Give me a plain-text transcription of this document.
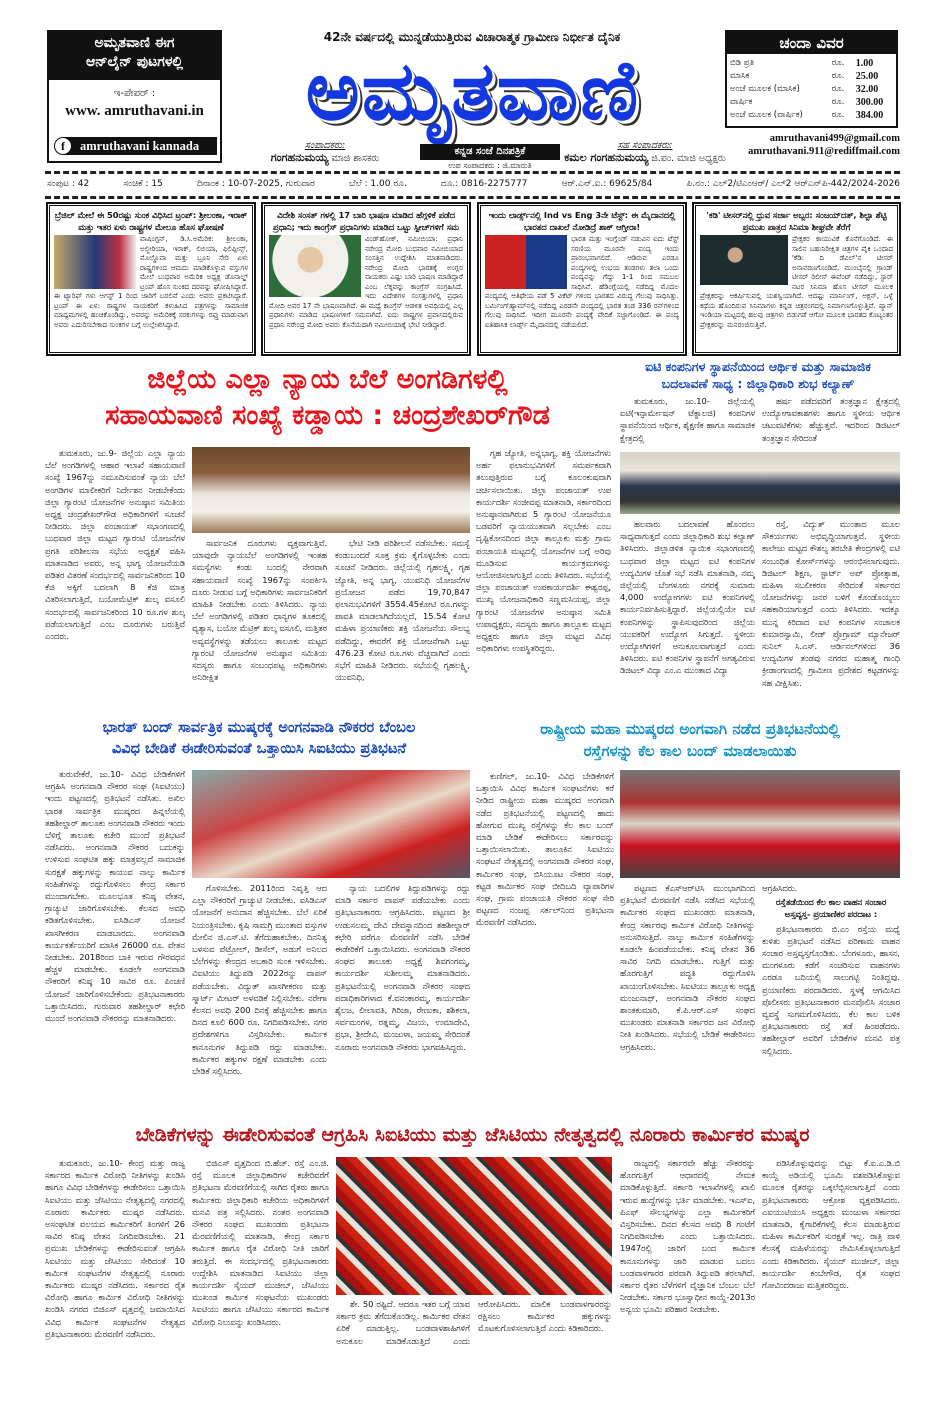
ಅಮೃತವಾಣಿ ಈಗ
ಆನ್‌ಲೈನ್ ಪುಟಗಳಲ್ಲಿ
ಇ-ಪೇಪರ್ :
www. amruthavani.in
f	amruthavani kannada
42ನೇ ವರ್ಷದಲ್ಲಿ ಮುನ್ನಡೆಯುತ್ತಿರುವ ವಿಚಾರಾತ್ಮಕ ಗ್ರಾಮೀಣ ನಿರ್ಭೀತ ದೈನಿಕ
ಅಮೃತವಾಣಿ
ಸಂಪಾದಕರು:
ಗಂಗಹನುಮಯ್ಯ ಮಾಜಿ ಶಾಸಕರು
ಕನ್ನಡ ಸಂಜೆ ದಿನಪತ್ರಿಕೆ
ಉಪ ಸಂಪಾದಕರು : ಜಿ.ಮಾರುತಿ
ಸಹ ಸಂಪಾದಕರು:
ಕಮಲ ಗಂಗಹನುಮಯ್ಯ ಜಿ.ಪಂ. ಮಾಜಿ ಅಧ್ಯಕ್ಷರು
ಚಂದಾ ವಿವರ
ಬಿಡಿ ಪ್ರತಿ	ರೂ.	1.00
ಮಾಸಿಕ	ರೂ.	25.00
ಅಂಚೆ ಮೂಲಕ (ಮಾಸಿಕ)	ರೂ.	32.00
ವಾರ್ಷಿಕ	ರೂ.	300.00
ಅಂಚೆ ಮೂಲಕ (ವಾರ್ಷಿಕ)	ರೂ.	384.00
amruthavani499@gmail.com
amruthavani.911@rediffmail.com
ಸಂಪುಟ : 42	ಸಂಚಿಕೆ : 15	ದಿನಾಂಕ : 10-07-2025, ಗುರುವಾರ	ಬೆಲೆ : 1.00 ರೂ.	ದೂ.: 0816-2275777	ಆರ್.ಎನ್.ಐ.: 69625/84	ಪಿ.ನಂ.: ಎಲ್2/ಟಿಎಂಆರ್/ ಎಲ್2 ಆರ್‌ಎನ್‌ಪಿ-442/2024-2026
ಬ್ರೆಜಿಲ್ ಮೇಲೆ ಈ 50ರಷ್ಟು ಸುಂಕ ವಿಧಿಸಿದ ಟ್ರಂಪ್: ಶ್ರೀಲಂಕಾ, ಇರಾಕ್ ಮತ್ತು ಇತರ ಏಳು ರಾಷ್ಟ್ರಗಳ ಮೇಲೂ ಹೊಸ ಘೋಷಣೆ
ವಾಷಿಂಗ್ಟನ್, ಡಿ.ಸಿ.ಅಮೆರಿಕ: ಶ್ರೀಲಂಕಾ, ಅಲ್ಜೀರಿಯಾ, ಇರಾಕ್, ಲಿಬಿಯಾ, ಫಿಲಿಪ್ಪೀನ್ಸ್, ಮೊಲ್ಡೊವಾ ಮತ್ತು ಬ್ರೂನಿ ಸೇರಿ ಏಳು ರಾಷ್ಟ್ರಗಳಿಂದ ಆಮದು ಮಾಡಿಕೊಳ್ಳುವ ವಸ್ತುಗಳ ಮೇಲೆ ಬುಧವಾರ ಅಮೆರಿಕ ಅಧ್ಯಕ್ಷ ಡೊನಾಲ್ಡ್ ಟ್ರಂಪ್ ಹೊಸ ಸುಂಕದ ದರವನ್ನು ಘೋಷಿಸಿದ್ದಾರೆ. ಈ ಟ್ಯಾರಿಫ್ ಗಳು ಆಗಸ್ಟ್ 1 ರಿಂದ ಜಾರಿಗೆ ಬರಲಿವೆ ಎಂದು ಅವರು ಪ್ರಕಟಿಸಿದ್ದಾರೆ. ಟ್ರಂಪ್ ಈ ಏಳು ರಾಷ್ಟ್ರಗಳ ನಾಯಕರಿಗೆ ಕಳುಹಿಸಿದ ಪತ್ರಗಳನ್ನು ಸಾಮಾಜಿಕ ಮಾಧ್ಯಮಗಳಲ್ಲಿ ಹಂಚಿಕೊಂಡಿದ್ದು, ಅವರನ್ನು ಅಮೆರಿಕಕ್ಕೆ ಸರಕುಗಳನ್ನು ರಫ್ತು ಮಾಡುವಾಗ ಅವರು ಎದುರಿಸಬೇಕಾದ ಸುಂಕಗಳ ಬಗ್ಗೆ ಉಲ್ಲೇಖಿಸಿದ್ದಾರೆ.
ವಿದೇಶಿ ಸಂಸತ್ ಗಳಲ್ಲಿ 17 ಬಾರಿ ಭಾಷಣ ಮಾಡಿದ ಹೆಗ್ಗಳಿಕೆ ಪಡೆದ ಪ್ರಧಾನಿ; ಇದು ಕಾಂಗ್ರೆಸ್ ಪ್ರಧಾನಿಗಳು ಮಾಡಿದ ಒಟ್ಟು ಸ್ಪೀಚ್‌ಗಳಿಗೆ ಸಮ
ವಿಂಡ್‌ಹೋಕ್, ನಮೀಬಿಯಾ: ಪ್ರಧಾನಿ ನರೇಂದ್ರ ಮೋದಿ ಬುಧವಾರ ನಮೀಬಿಯಾದ ಸಂಸತ್ತಿನ ಉದ್ದೇಶಿಸಿ ಮಾತನಾಡಿದರು. ನರೇಂದ್ರ ಮೋದಿ ಭಾರತಕ್ಕೆ ಅಂಗ್ಲರ ನಾಯಕರು ಎಷ್ಟು ಬಾರಿ ಭಾಷಣ ಮಾಡಿದ್ದಾರೆ ಎಂಬ ಲೆಕ್ಕವನ್ನು ಕಾಂಗ್ರೆಸ್ ಸಂಗ್ರಹಿಸಿದೆ. ಇದು ವಿದೇಶಗಳ ಸಂಸತ್ತುಗಳಲ್ಲಿ ಪ್ರಧಾನಿ ಮೋದಿ ಅವರ 17 ನೇ ಭಾಷಣವಾಗಿದೆ. ಈ ಮಧ್ಯೆ ಕಾಂಗ್ರೆಸ್ ಆಡಳಿತ ಅವಧಿಯಲ್ಲಿ ಎಲ್ಲ ಪ್ರಧಾನಿಗಳು ಮಾಡಿದ ಭಾಷಣಗಳಿಗೆ ಸಮನಾಗಿದೆ. ಐದು ರಾಷ್ಟ್ರಗಳ ಪ್ರವಾಸದಲ್ಲಿರುವ ಪ್ರಧಾನಿ ನರೇಂದ್ರ ಮೋದಿ ಅವರು ಕೊನೆಯದಾಗಿ ನಮೀಬಿಯಾಕ್ಕೆ ಭೇಟಿ ನೀಡಿದ್ದಾರೆ.
ಇಂದು ಲಾರ್ಡ್ಸ್‌ನಲ್ಲಿ Ind vs Eng 3ನೇ ಟೆಸ್ಟ್: ಈ ಮೈದಾನದಲ್ಲಿ ಭಾರತದ ದಾಖಲೆ ನೋಡಿದ್ರೆ ಶಾಕ್ ಆಗ್ತೀರಾ!
ಭಾರತ ಮತ್ತು ಇಂಗ್ಲೆಂಡ್ ನಡುವಿನ ಐದು ಟೆಸ್ಟ್ ಸರಣಿಯ ಮೂರನೇ ಪಂದ್ಯ ಇಂದು ಪ್ರಾರಂಭವಾಗಲಿದೆ. ಆಡಿರುವ ಎರಡೂ ಪಂದ್ಯಗಳಲ್ಲಿ ಉಭಯ ತಂಡಗಳು ತಲಾ ಒಂದು ಪಂದ್ಯವನ್ನು ಗೆದ್ದು 1-1 ರಿಂದ ಸಮಬಲ ಸಾಧಿಸಿವೆ. ಹೆಡಿಂಗ್ಲೆಯಲ್ಲಿ ನಡೆದಿದ್ದ ಮೊದಲ ಪಂದ್ಯದಲ್ಲಿ ಆತಿಥೇಯ ಪಡೆ 5 ವಿಕೆಟ್ ಗಳಿಂದ ಭಾರತದ ವಿರುದ್ಧ ಗೆಲುವು ಸಾಧಿಸಿತ್ತು. ಬರ್ಮಿಂಗ್‌ಹ್ಯಾಮ್‌ನಲ್ಲಿ ನಡೆದಿದ್ದ ಎರಡನೇ ಪಂದ್ಯದಲ್ಲಿ ಭಾರತ ತಂಡ 336 ರನ್‌ಗಳಿಂದ ಗೆಲುವು ಸಾಧಿಸಿದೆ. ಇದೀಗ ಮೂರನೇ ಪಂದ್ಯಕ್ಕೆ ವೇದಿಕೆ ಸಜ್ಜಾಗೊಂಡಿದೆ. ಈ ಪಂದ್ಯ ಐತಿಹಾಸಿಕ ಲಾರ್ಡ್ಸ್ ಮೈದಾನದಲ್ಲಿ ನಡೆಯಲಿದೆ.
'ಕಡಿ' ಟೀಸರ್‌ನಲ್ಲಿ ಧ್ರುವ ಸರ್ಜಾ ಅಬ್ಬರ: ಸಂಜಯ್‌ದತ್, ಶಿಲ್ಪಾ ಶೆಟ್ಟಿ ಪ್ರಮುಖ ಪಾತ್ರದ ಸಿನಿಮಾ ಶೀಘ್ರವೇ ತೆರೆಗೆ
ಪ್ರೇಕ್ಷಕರ ಕಾಯುವಿಕೆ ಕೊನೆಗೊಂಡಿದೆ. ಈ ಸಾಲಿನ ಬಹುನಿರೀಕ್ಷಿತ ಚಿತ್ರಗಳ ಪೈಕಿ ಒಂದಾದ 'ಕೆಡಿ: ದಿ ಡೆವಿಲ್'ನ ಟೀಸರ್ ಅನಾವರಣಗೊಂಡಿದೆ. ಮುಂಬೈನಲ್ಲಿ ಗ್ರಾಂಡ್ ಟೀಸರ್ ರಿಲೀಸ್ ಈವೆಂಟ್ ನಡೆದಿದ್ದು, ಸ್ಟಾರ್ ನಟರ ಸಿನಿಮಾ ಹೊಸ ಟೀಸರ್ ಮೂಲಕ ಪ್ರೇಕ್ಷಕರನ್ನು ಆಕರ್ಷಿಸುವಲ್ಲಿ ಯಶಸ್ವಿಯಾಗಿದೆ. ಆದಷ್ಟು ಮಾರ್ನಿಂಗ್, ಆಕ್ಷನ್, ಒಳ್ಳೆ ಕಥೆಯ ಹೊಂದಿರುವ ಸಿನಿಮಾಗಳು ಕನ್ನಡ ಚಿತ್ರರಂಗದಲ್ಲಿ ನಿರ್ಮಾಣಗೊಳ್ಳುತ್ತಿವೆ. ಪ್ಯಾನ್ ಇಂಡಿಯಾ ಮಟ್ಟದಲ್ಲಿ ಹಲವು ಚಿತ್ರಗಳು ಬಿಡುಗಡೆ ಆಗೋ ಮೂಲಕ ಭಾರತದ ಕೊಟ್ಯಂತರ ಪ್ರೇಕ್ಷಕರನ್ನು ಮನರಂಜಿಸುತ್ತಿವೆ.
ಜಿಲ್ಲೆಯ ಎಲ್ಲಾ ನ್ಯಾಯ ಬೆಲೆ ಅಂಗಡಿಗಳಲ್ಲಿ
ಸಹಾಯವಾಣಿ ಸಂಖ್ಯೆ ಕಡ್ಡಾಯ : ಚಂದ್ರಶೇಖರ್‌ಗೌಡ

ತುಮಕೂರು, ಜು.9- ಜಿಲ್ಲೆಯ ಎಲ್ಲಾ ನ್ಯಾಯ ಬೆಲೆ ಅಂಗಡಿಗಳಲ್ಲಿ ಆಹಾರ ಇಲಾಖೆ ಸಹಾಯವಾಣಿ ಸಂಖ್ಯೆ 1967ನ್ನು ನಮೂದಿಸುವಂತೆ ನ್ಯಾಯ ಬೆಲೆ ಅಂಗಡಿಗಳ ಮಾಲೀಕರಿಗೆ ನಿರ್ದೇಶನ ನೀಡಬೇಕೆಂದು ಜಿಲ್ಲಾ ಗ್ಯಾರಂಟಿ ಯೋಜನೆಗಳ ಅನುಷ್ಠಾನ ಸಮಿತಿಯ ಅಧ್ಯಕ್ಷ ಚಂದ್ರಶೇಖರ್‌ಗೌಡ ಅಧಿಕಾರಿಗಳಿಗೆ ಸೂಚನೆ ನೀಡಿದರು. ಜಿಲ್ಲಾ ಪಂಚಾಯತ್ ಸಭಾಂಗಣದಲ್ಲಿ ಬುಧವಾರ ಜಿಲ್ಲಾ ಮಟ್ಟದ ಗ್ಯಾರಂಟಿ ಯೋಜನೆಗಳ ಪ್ರಗತಿ ಪರಿಶೀಲನಾ ಸಭೆಯ ಅಧ್ಯಕ್ಷತೆ ವಹಿಸಿ ಮಾತನಾಡಿದ ಅವರು, ಅನ್ನ ಭಾಗ್ಯ ಯೋಜನೆಯಡಿ ಪಡಿತರ ವಿತರಣೆ ಸಂದರ್ಭದಲ್ಲಿ ಸಾರ್ವಜನಿಕರಿಂದ 10 ಕೆಜಿ ಅಕ್ಕಿಗೆ ಬದಲಾಗಿ 8 ಕೆಜಿ ಮಾತ್ರ ವಿತರಿಸಲಾಗುತ್ತಿದೆ, ಬಯೋಮೆಟ್ರಿಕ್ ಶುಲ್ಕ ವಸೂಲಿ ಸಂದರ್ಭದಲ್ಲಿ ಸಾರ್ವಜನಿಕರಿಂದ 10 ರೂ.ಗಳ ಶುಲ್ಕ ಪಡೆಯಲಾಗುತ್ತಿದೆ ಎಂಬ ದೂರುಗಳು ಬರುತ್ತಿವೆ ಎಂದರು.

ಸಾರ್ವಜನಿಕ ದೂರುಗಳು ವ್ಯಕ್ತವಾಗುತ್ತಿವೆ. ಯಾವುದೇ ನ್ಯಾಯಬೆಲೆ ಅಂಗಡಿಗಳಲ್ಲಿ ಇಂತಹ ಸಮಸ್ಯೆಗಳು ಕಂಡು ಬಂದಲ್ಲಿ ನೇರವಾಗಿ ಸಹಾಯವಾಣಿ ಸಂಖ್ಯೆ 1967ನ್ನು ಸಂಪರ್ಕಿಸಿ ದೂರು ನೀಡುವ ಬಗ್ಗೆ ಅಧಿಕಾರಿಗಳು ಸಾರ್ವಜನಿಕರಿಗೆ ಮಾಹಿತಿ ನೀಡಬೇಕು ಎಂದು ತಿಳಿಸಿದರು. ನ್ಯಾಯ ಬೆಲೆ ಅಂಗಡಿಗಳಲ್ಲಿ ಪಡಿತರ ಧಾನ್ಯಗಳ ತೂಕದಲ್ಲಿ ವ್ಯತ್ಯಾಸ, ಬಯೋ ಮೆಟ್ರಿಕ್ ಶುಲ್ಕ ವಸೂಲಿ, ಮತ್ತಿತರ ಅವ್ಯವಸ್ಥೆಗಳನ್ನು ತಡೆಯಲು ತಾಲೂಕು ಮಟ್ಟದ ಗ್ಯಾರಂಟಿ ಯೋಜನೆಗಳ ಅನುಷ್ಠಾನ ಸಮಿತಿಯ ಸದಸ್ಯರು ಹಾಗೂ ಸಂಬಂಧಪಟ್ಟ ಅಧಿಕಾರಿಗಳು ಅನಿರೀಕ್ಷಿತ

ಭೇಟಿ ನೀಡಿ ಪರಿಶೀಲನೆ ನಡೆಸಬೇಕು. ಸಮಸ್ಯೆ ಕಂಡುಬಂದರೆ ಸೂಕ್ತ ಕ್ರಮ ಕೈಗೊಳ್ಳಬೇಕು ಎಂದು ಸೂಚನೆ ನೀಡಿದರು. ಜಿಲ್ಲೆಯಲ್ಲಿ ಗೃಹಲಕ್ಷ್ಮಿ, ಗೃಹ ಜ್ಯೋತಿ, ಅನ್ನ ಭಾಗ್ಯ, ಯುವನಿಧಿ ಯೋಜನೆಗಳ ಪ್ರಯೋಜನ ಪಡೆದ 19,70,847 ಫಲಾನುಭವಿಗಳಿಗೆ 3554.45ಕೋಟಿ ರೂ.ಗಳನ್ನು ಪಾವತಿ ಮಾಡಲಾಗಿದೆಯಲ್ಲದೆ, 15.54 ಕೋಟಿ ಮಹಿಳಾ ಪ್ರಯಾಣಿಕರು ಶಕ್ತಿ ಯೋಜನೆಯ ಸೌಲಭ್ಯ ಪಡೆದಿದ್ದು, ಈವರೆಗೆ ಶಕ್ತಿ ಯೋಜನೆಗಾಗಿ ಒಟ್ಟು 476.23 ಕೋಟಿ ರೂ.ಗಳು ವೆಚ್ಚವಾಗಿದೆ ಎಂದು ಸಭೆಗೆ ಮಾಹಿತಿ ನೀಡಿದರು. ಸಭೆಯಲ್ಲಿ ಗೃಹಲಕ್ಷ್ಮಿ, ಯುವನಿಧಿ,

ಗೃಹ ಜ್ಯೋತಿ, ಅನ್ನಭಾಗ್ಯ, ಶಕ್ತಿ ಯೋಜನೆಗಳು ಅರ್ಹ ಫಲಾನುಭವಿಗಳಿಗೆ ಸಮರ್ಪಕವಾಗಿ ತಲುಪುತ್ತಿರುವ ಬಗ್ಗೆ ಕೂಲಂಕುಷವಾಗಿ ಚರ್ಚಿಸಲಾಯಿತು. ಜಿಲ್ಲಾ ಪಂಚಾಯತ್ ಉಪ ಕಾರ್ಯದರ್ಶಿ ಸಂಜೀವಪ್ಪ ಮಾತನಾಡಿ, ಸರ್ಕಾರದಿಂದ ಅನುಷ್ಠಾನವಾಗಿರುವ 5 ಗ್ಯಾರಂಟಿ ಯೋಜನೆಯೂ ಬಡವರಿಗೆ ನ್ಯಾಯಯುತವಾಗಿ ಸಲ್ಲಬೇಕು ಎಂಬ ದೃಷ್ಟಿಕೋನದಿಂದ ಜಿಲ್ಲಾ ತಾಲ್ಲೂಕು ಮತ್ತು ಗ್ರಾಮ ಪಂಚಾಯತಿ ಮಟ್ಟದಲ್ಲಿ ಯೋಜನೆಗಳ ಬಗ್ಗೆ ಅರಿವು ಮೂಡಿಸುವ ಕಾರ್ಯಕ್ರಮಗಳನ್ನು ಆಯೋಜಿಸಲಾಗುತ್ತಿದೆ ಎಂದು ತಿಳಿಸಿದರು. ಸಭೆಯಲ್ಲಿ ಜಿಲ್ಲಾ ಪಂಚಾಯತ್ ಉಪಕಾರ್ಯದರ್ಶಿ ಈಶ್ವರಪ್ಪ, ಮುಖ್ಯ ಯೋಜನಾಧಿಕಾರಿ ಸಣ್ಣಮಸಿಯಪ್ಪ, ಜಿಲ್ಲಾ ಗ್ಯಾರಂಟಿ ಯೋಜನೆಗಳ ಅನುಷ್ಠಾನ ಸಮಿತಿ ಉಪಾಧ್ಯಕ್ಷರು, ಸದಸ್ಯರು ಹಾಗೂ ತಾಲ್ಲೂಕು ಮಟ್ಟದ ಅಧ್ಯಕ್ಷರು ಹಾಗೂ ಜಿಲ್ಲಾ ಮಟ್ಟದ ವಿವಿಧ ಅಧಿಕಾರಿಗಳು ಉಪಸ್ಥಿತರಿದ್ದರು.

ಐಟಿ ಕಂಪನಿಗಳ ಸ್ಥಾಪನೆಯಿಂದ ಆರ್ಥಿಕ ಮತ್ತು ಸಾಮಾಜಿಕ
ಬದಲಾವಣೆ ಸಾಧ್ಯ : ಜಿಲ್ಲಾಧಿಕಾರಿ ಶುಭ ಕಲ್ಯಾಣ್

ತುಮಕೂರು, ಜು.10- ಜಿಲ್ಲೆಯಲ್ಲಿ ಐಟಿ(ಇನ್ಫಾರ್ಮೇಷನ್ ಟೆಕ್ನಾಲಜಿ) ಕಂಪನಿಗಳ ಸ್ಥಾಪನೆಯಿಂದ ಆರ್ಥಿಕ, ಶೈಕ್ಷಣಿಕ ಹಾಗೂ ಸಾಮಾಜಿಕ ಕ್ಷೇತ್ರದಲ್ಲಿ

ಹರ್ಷ ಪಡೆದವರಿಗೆ ತಂತ್ರಜ್ಞಾನ ಕ್ಷೇತ್ರದಲ್ಲಿ ಉದ್ಯೋಗಾವಕಾಶಗಳು ಹಾಗೂ ಸ್ಥಳೀಯ ಆರ್ಥಿಕ ಚಟುವಟಿಕೆಗಳು ಹೆಚ್ಚುತ್ತವೆ. ಇದರಿಂದ ಡಿಜಿಟಲ್ ತಂತ್ರಜ್ಞಾನ ಸೇರಿದಂತೆ

ಹಲವಾರು ಬದಲಾವಣೆ ಹೊಂದಲು ಸಾಧ್ಯವಾಗುತ್ತದೆ ಎಂದು ಜಿಲ್ಲಾಧಿಕಾರಿ ಶುಭ ಕಲ್ಯಾಣ್ ತಿಳಿಸಿದರು. ಜಿಲ್ಲಾಡಳಿತ ನ್ಯಾಯಿಕ ಸಭಾಂಗಣದಲ್ಲಿ ಬುಧವಾರ ಜಿಲ್ಲಾ ಮಟ್ಟದ ಐಟಿ ಕಂಪನಿಗಳ ಉದ್ಯಮಿಗಳ ಜೊತೆ ಸಭೆ ನಡೆಸಿ ಮಾತನಾಡಿ, ನಮ್ಮ ಜಿಲ್ಲೆಯಲ್ಲಿ ಬೆಂಗಳೂರು ನಗರಕ್ಕೆ ಸುಮಾರು 4,000 ಉದ್ಯೋಗಗಳು ಐಟಿ ಕಂಪನಿಗಳಲ್ಲಿ ಕಾರ್ಯನಿರ್ವಹಿಸುತ್ತಿದ್ದಾರೆ. ಜಿಲ್ಲೆಯಲ್ಲಿಯೇ ಐಟಿ ಕಂಪನಿಗಳನ್ನು ಸ್ಥಾಪಿಸುವುದರಿಂದ ಜಿಲ್ಲೆಯ ಯುವಕರಿಗೆ ಉದ್ಯೋಗ ಸಿಗುತ್ತದೆ. ಸ್ಥಳೀಯ ಉದ್ಯೋಗಿಗಳಿಗೆ ಅನುಕೂಲವಾಗುತ್ತದೆ ಎಂದು ತಿಳಿಸಿದರು. ಐಟಿ ಕಂಪನಿಗಳ ಸ್ಥಾಪನೆಗೆ ಅಗತ್ಯವಿರುವ ಡಿಜಿಟಲ್ ವಿದ್ಯಾ ಎಂ.ಎ ಮುಂತಾದ ವಿದ್ಯಾ

ರಸ್ತೆ, ವಿದ್ಯುತ್ ಮುಂತಾದ ಮೂಲ ಸೌಕರ್ಯಗಳು ಅಭಿವೃದ್ಧಿಯಾಗುತ್ತವೆ. ಸ್ಥಳೀಯ ಕಾಲೇಜು ಮಟ್ಟದ ಕೌಶಲ್ಯ ತರಬೇತಿ ಕೇಂದ್ರಗಳಲ್ಲಿ ಐಟಿ ಸಂಬಂಧಿತ ಕೋರ್ಸ್‌ಗಳನ್ನು ಆರಂಭಿಸಲಾಗುವುದು. ಡಿಜಿಟಲ್ ಶಿಕ್ಷಣ, ಸ್ಟಾರ್ಟ್ ಅಪ್ ಪ್ರೋತ್ಸಾಹ, ಮಹಿಳಾ ಸಬಲೀಕರಣ ಸೇರಿದಂತೆ ಸರ್ಕಾರದ ಯೋಜನೆಗಳನ್ನು ಜನರ ಬಳಿಗೆ ಕೊಂಡೊಯ್ಯಲು ಸಹಕಾರಿಯಾಗುತ್ತದೆ ಎಂದು ತಿಳಿಸಿದರು. ಇದಕ್ಕೂ ಮುನ್ನ ಕಿರಿದಾದ ಐಟಿ ಕಂಪನಿಗಳ ಸಂಚಾಲಕ ಕುಮಾರಸ್ವಾಮಿ, ಲೀಡ್ ಪ್ರೊಗ್ರಾಮ್ ಮ್ಯಾನೇಜರ್ ಸುನಿಲ್ ಸಿ.ಎಸ್. ಆರ್ಡಿನಲ್‌ಗಳಿಂದ 36 ಉದ್ಯಮಿಗಳ ತಂಡವು ನಗರದ ಮಹಾತ್ಮ ಗಾಂಧಿ ಕ್ರೀಡಾಂಗಣದಲ್ಲಿ ಗ್ರಾಮೀಣ ಪ್ರದೇಶದ ಕಟ್ಟಡಗಳನ್ನು ಸಹ ವೀಕ್ಷಿಸಿತು.

ಭಾರತ್ ಬಂದ್ ಸಾರ್ವತ್ರಿಕ ಮುಷ್ಕರಕ್ಕೆ ಅಂಗನವಾಡಿ ನೌಕರರ ಬೆಂಬಲ
ವಿವಿಧ ಬೇಡಿಕೆ ಈಡೇರಿಸುವಂತೆ ಒತ್ತಾಯಿಸಿ ಸಿಐಟಿಯು ಪ್ರತಿಭಟನೆ

ತುರುವೇಕೆರೆ, ಜು.10- ವಿವಿಧ ಬೇಡಿಕೆಗಳಿಗೆ ಆಗ್ರಹಿಸಿ ಅಂಗನವಾಡಿ ನೌಕರರ ಸಂಘ (ಸಿಐಟಿಯು) ಇಂದು ಪಟ್ಟಣದಲ್ಲಿ ಪ್ರತಿಭಟನೆ ನಡೆಸಿತು. ಅಖಿಲ ಭಾರತ ಸಾರ್ವತ್ರಿಕ ಮುಷ್ಕರದ ಹಿನ್ನಲೆಯಲ್ಲಿ ತಹಶೀಲ್ದಾರ್ ತಾಲೂಕು ಅಂಗನವಾಡಿ ನೌಕರರು ಇಂದು ಬೆಳಿಗ್ಗೆ ತಾಲೂಕು ಕಚೇರಿ ಮುಂದೆ ಪ್ರತಿಭಟನೆ ನಡೆಸಿದರು. ಅಂಗನವಾಡಿ ನೌಕರರ ಬದುಕನ್ನು ಉಳಿಸುವ ಸಂಘಟಿತ ಹಕ್ಕು ಮಾತ್ರವಲ್ಲದೆ ಸಾಮಾಜಿಕ ಸುರಕ್ಷತೆ ಹಕ್ಕುಗಳನ್ನು ಕಾಯುವ ನಾಲ್ಕು ಕಾರ್ಮಿಕ ಸಂಹಿತೆಗಳನ್ನು ರದ್ದುಗೊಳಿಸಲು ಕೇಂದ್ರ ಸರ್ಕಾರ ಮುಂದಾಗಬೇಕು. ಮೂಲಭೂತ ಕನಿಷ್ಠ ವೇತನ, ಗ್ರಾಚ್ಯುಟಿ ಜಾರಿಗೊಳಿಸಬೇಕು. ಕೆಲಸದ ಅವಧಿ ಕಡಿತಗೊಳಿಸಬೇಕು. ಐಸಿಡಿಎಸ್ ಯೋಜನೆ ಖಾಸಗೀಕರಣ ಮಾಡಬಾರದು. ಅಂಗನವಾಡಿ ಕಾರ್ಯಕರ್ತೆಯರಿಗೆ ಮಾಸಿಕ 26000 ರೂ. ವೇತನ ನೀಡಬೇಕು. 2018ರಿಂದ ಬಾಕಿ ಇರುವ ಗೌರವಧನ ಹೆಚ್ಚಳ ಮಾಡಬೇಕು. ಕೂಡಲೇ ಅಂಗನವಾಡಿ ನೌಕರರಿಗೆ ಕನಿಷ್ಠ 10 ಸಾವಿರ ರೂ. ಪಿಂಚಣಿ ಯೋಜನೆ ಜಾರಿಗೊಳಿಸಬೇಕೆಂದು ಪ್ರತಿಭಟನಾಕಾರರು ಒತ್ತಾಯಿಸಿದರು. ಗುರುವಾರ ತಹಶೀಲ್ದಾರ್ ಕಛೇರಿ ಮುಂದೆ ಅಂಗನವಾಡಿ ನೌಕರರನ್ನು ಮಾತನಾಡಿದರು.

ಗೊಳಿಸಬೇಕು. 2011ರಿಂದ ನಿವೃತ್ತಿ ಆದ ಎಲ್ಲಾ ನೌಕರರಿಗೆ ಗ್ರಾಚ್ಯುಟಿ ನೀಡಬೇಕು. ಐಸಿಡಿಎಸ್ ಯೋಜನೆಗೆ ಅನುದಾನ ಹೆಚ್ಚಿಸಬೇಕು. ಬೆಲೆ ಏರಿಕೆ ನಿಯಂತ್ರಿಸಬೇಕು. ಕೃಷಿ ಸಾಮಗ್ರಿ ಮುಂತಾದ ವಸ್ತುಗಳ ಮೇಲಿನ ಜಿ.ಎಸ್.ಟಿ. ತೆಗೆದುಹಾಕಬೇಕು. ದಿನನಿತ್ಯ ಬಳಸುವ ಪೆಟ್ರೋಲ್, ಡೀಸೆಲ್, ಅಡುಗೆ ಅನಿಲದ ಬೆಲೆಗಳನ್ನು ಕೇಂದ್ರದ ಅಬಕಾರಿ ಸುಂಕ ಇಳಿಸಬೇಕು. ವಿಐಟಿಯು ತಿದ್ದುಪಡಿ 2022ರನ್ನು ವಾಪಸ್ ಪಡೆಯಬೇಕು. ವಿದ್ಯುತ್ ಖಾಸಗೀಕರಣ ಮತ್ತು ಸ್ಮಾರ್ಟ್ ಮೀಟರ್ ಅಳವಡಿಕೆ ನಿಲ್ಲಿಸಬೇಕು. ನರೇಗಾ ಕೆಲಸದ ಅವಧಿ 200 ದಿನಕ್ಕೆ ಹೆಚ್ಚಿಸಬೇಕು ಹಾಗೂ ದಿನದ ಕೂಲಿ 600 ರೂ. ನಿಗದಿಪಡಿಸಬೇಕು. ನಗರ ಪ್ರದೇಶಗಳಿಗೂ ವಿಸ್ತರಿಸಬೇಕು. ಕಾರ್ಮಿಕ ಕಾನೂನುಗಳ ತಿದ್ದುಪಡಿ ರದ್ದು ಮಾಡಬೇಕು. ಕಾರ್ಮಿಕರ ಹಕ್ಕುಗಳ ರಕ್ಷಣೆ ಮಾಡಬೇಕು ಎಂದು ಬೇಡಿಕೆ ಸಲ್ಲಿಸಿದರು.

ನ್ಯಾಯ ಬದಲಿಗಳ ತಿದ್ದುಪಡಿಗಳನ್ನು ರದ್ದು ಮಾಡಿ ಸರ್ಕಾರ ವಾಪಸ್ ಪಡೆಯಬೇಕು ಎಂದು ಪ್ರತಿಭಟನಾಕಾರರು ಆಗ್ರಹಿಸಿದರು. ಪಟ್ಟಣದ ಶ್ರೀ ಉಡುಸಲಮ್ಮ ದೇವಿ ದೇವಸ್ಥಾನದಿಂದ ತಹಶೀಲ್ದಾರ್ ಕಛೇರಿ ವರೆಗೂ ಮೆರವಣಿಗೆ ನಡೆಸಿ ಬೇಡಿಕೆ ಈಡೇರಿಕೆಗೆ ಒತ್ತಾಯಿಸಿದರು. ಅಂಗನವಾಡಿ ನೌಕರರ ಸಂಘದ ತಾಲೂಕು ಅಧ್ಯಕ್ಷೆ ಶಿವಗಂಗಮ್ಮ, ಕಾರ್ಯದರ್ಶಿ ಸುಶೀಲಮ್ಮ ಮಾತನಾಡಿದರು. ಪ್ರತಿಭಟನೆಯಲ್ಲಿ ಅಂಗನವಾಡಿ ನೌಕರರ ಸಂಘದ ಪದಾಧಿಕಾರಿಗಳಾದ ಕೆ.ವನಂಕಾರಮ್ಮ, ಕಾರ್ಯದರ್ಶಿ ಶೈಲಜ, ಲೀಲಾವತಿ, ಗಿರಿಜಾ, ರೇಣುಕಾ, ಶಶಿಕಲಾ, ಸರ್ವಮಂಗಳ, ರತ್ನಮ್ಮ, ವಿಜಯ, ಉಮಾದೇವಿ, ಪ್ರಭಾ, ಶ್ರೀದೇವಿ, ಮಂಜುಳಾ, ಜಯಮ್ಮ ಸೇರಿದಂತೆ ನೂರಾರು ಅಂಗನವಾಡಿ ನೌಕರರು ಭಾಗವಹಿಸಿದ್ದರು.

ರಾಷ್ಟ್ರೀಯ ಮಹಾ ಮುಷ್ಕರದ ಅಂಗವಾಗಿ ನಡೆದ ಪ್ರತಿಭಟನೆಯಲ್ಲಿ
ರಸ್ತೆಗಳನ್ನು ಕೆಲ ಕಾಲ ಬಂದ್ ಮಾಡಲಾಯಿತು

ಕುಣಿಗಲ್, ಜು.10- ವಿವಿಧ ಬೇಡಿಕೆಗಳಿಗೆ ಒತ್ತಾಯಿಸಿ ವಿವಿಧ ಕಾರ್ಮಿಕ ಸಂಘಟನೆಗಳು ಕರೆ ನೀಡಿದ ರಾಷ್ಟ್ರೀಯ ಮಹಾ ಮುಷ್ಕರದ ಅಂಗವಾಗಿ ನಡೆದ ಪ್ರತಿಭಟನೆಯಲ್ಲಿ ಪಟ್ಟಣದಲ್ಲಿ ಹಾದು ಹೋಗುವ ಮುಖ್ಯ ರಸ್ತೆಗಳನ್ನು ಕೆಲ ಕಾಲ ಬಂದ್ ಮಾಡಿ ಬೇಡಿಕೆ ಈಡೇರಿಸಲು ಸರ್ಕಾರವನ್ನು ಒತ್ತಾಯಿಸಲಾಯಿತು. ತಾಲೂಕಿನ ಸಿಐಟಿಯು ಸಂಘಟನೆ ನೇತೃತ್ವದಲ್ಲಿ ಅಂಗನವಾಡಿ ನೌಕರರ ಸಂಘ, ಕಾರ್ಮಿಕರ ಸಂಘ, ಬಿಸಿಯೂಟ ನೌಕರರ ಸಂಘ, ಕಟ್ಟಡ ಕಾರ್ಮಿಕರ ಸಂಘ ಬೀದಿಬದಿ ವ್ಯಾಪಾರಿಗಳ ಸಂಘ, ಗ್ರಾಮ ಪಂಚಾಯತಿ ನೌಕರರ ಸಂಘ ಸೇರಿ ಪಟ್ಟಣದ ನಂಜಪ್ಪ ಸರ್ಕಲ್‌ನಿಂದ ಪ್ರತಿಭಟನಾ ಮೆರವಣಿಗೆ ನಡೆಸಿದರು.

ಪಟ್ಟಣದ ಕೆಎಸ್ಆರ್‌ಟಿಸಿ ಮುಂಭಾಗದಿಂದ ಪ್ರತಿಭಟನೆ ಮೆರವಣಿಗೆ ನಡೆಸಿ ನಡೆಸಿದ ಸಭೆಯಲ್ಲಿ ಕಾರ್ಮಿಕರ ಸಂಘದ ಮುಖಂಡರು ಮಾತನಾಡಿ, ಕೇಂದ್ರ ಸರ್ಕಾರವು ಕಾರ್ಮಿಕ ವಿರೋಧಿ ನೀತಿಗಳನ್ನು ಅನುಸರಿಸುತ್ತಿದೆ. ನಾಲ್ಕು ಕಾರ್ಮಿಕ ಸಂಹಿತೆಗಳನ್ನು ಕೂಡಲೇ ಹಿಂಪಡೆಯಬೇಕು. ಕನಿಷ್ಠ ವೇತನ 36 ಸಾವಿರ ನಿಗದಿ ಮಾಡಬೇಕು. ಗುತ್ತಿಗೆ ಮತ್ತು ಹೊರಗುತ್ತಿಗೆ ಪದ್ಧತಿ ರದ್ದುಗೊಳಿಸಿ ಖಾಯಂಗೊಳಿಸಬೇಕು. ಸಿಐಟಿಯು ತಾಲ್ಲೂಕು ಅಧ್ಯಕ್ಷ ಮಂಜುನಾಥ್, ಅಂಗನವಾಡಿ ನೌಕರರ ಸಂಘದ ಶಾಂತಕುಮಾರಿ, ಕೆ.ಪಿ.ಆರ್.ಎಸ್ ಸಂಘದ ಮುಖಂಡರು ಮಾತನಾಡಿ ಸರ್ಕಾರದ ಜನ ವಿರೋಧಿ ನೀತಿ ಖಂಡಿಸಿದರು. ಸಭೆಯಲ್ಲಿ ಬೇಡಿಕೆ ಈಡೇರಿಸಲು ಆಗ್ರಹಿಸಿದರು.

ಆಗ್ರಹಿಸಿದರು.
ರಸ್ತೆತಡೆಯಿಂದ ಕೆಲ ಕಾಲ ವಾಹನ ಸಂಚಾರ ಅಸ್ತವ್ಯಸ್ತ- ಪ್ರಯಾಣಿಕರ ಪರದಾಟ :

ಪ್ರತಿಭಟನಾಕಾರರು ಬಿ.ಎಂ ರಸ್ತೆಯ ಮಧ್ಯೆ ಕುಳಿತು ಪ್ರತಿಭಟನೆ ನಡೆಸಿದ ಪರಿಣಾಮ ವಾಹನ ಸಂಚಾರ ಅಸ್ತವ್ಯಸ್ತಗೊಂಡಿತು. ಬೆಂಗಳೂರು, ಹಾಸನ, ಮಂಗಳೂರು ಕಡೆಗೆ ಸಂಚರಿಸುವ ವಾಹನಗಳು ಎರಡೂ ಬದಿಯಲ್ಲಿ ಸಾಲುಗಟ್ಟಿ ನಿಂತಿದ್ದವು. ಪ್ರಯಾಣಿಕರು ಪರದಾಡಿದರು. ಸ್ಥಳಕ್ಕೆ ಆಗಮಿಸಿದ ಪೊಲೀಸರು ಪ್ರತಿಭಟನಾಕಾರರ ಮನವೊಲಿಸಿ ಸಂಚಾರ ವ್ಯವಸ್ಥೆ ಸುಗಮಗೊಳಿಸಿದರು. ಕೆಲ ಕಾಲ ಬಳಿಕ ಪ್ರತಿಭಟನಾಕಾರರು ರಸ್ತೆ ತಡೆ ಹಿಂಪಡೆದರು. ತಹಶೀಲ್ದಾರ್ ಅವರಿಗೆ ಬೇಡಿಕೆಗಳ ಮನವಿ ಪತ್ರ ಸಲ್ಲಿಸಿದರು.

ಬೇಡಿಕೆಗಳನ್ನು ಈಡೇರಿಸುವಂತೆ ಆಗ್ರಹಿಸಿ ಸಿಐಟಿಯು ಮತ್ತು ಜೆಸಿಟಿಯು ನೇತೃತ್ವದಲ್ಲಿ ನೂರಾರು ಕಾರ್ಮಿಕರ ಮುಷ್ಕರ

ತುಮಕೂರು, ಜು.10- ಕೇಂದ್ರ ಮತ್ತು ರಾಜ್ಯ ಸರ್ಕಾರದ ಕಾರ್ಮಿಕ ವಿರೋಧಿ ನೀತಿಗಳನ್ನು ಖಂಡಿಸಿ ಹಾಗೂ ವಿವಿಧ ಬೇಡಿಕೆಗಳನ್ನು ಈಡೇರಿಸಲು ಒತ್ತಾಯಿಸಿ ಸಿಐಟಿಯು ಮತ್ತು ಜೆಸಿಟಿಯು ನೇತೃತ್ವದಲ್ಲಿ ನಗರದಲ್ಲಿ ನೂರಾರು ಕಾರ್ಮಿಕರು ಮುಷ್ಕರ ನಡೆಸಿದರು. ಅಸಂಘಟಿತ ವಲಯದ ಕಾರ್ಮಿಕರಿಗೆ ತಿಂಗಳಿಗೆ 26 ಸಾವಿರ ಕನಿಷ್ಠ ವೇತನ ನಿಗದಿಪಡಿಸಬೇಕು. 21 ಪ್ರಮುಖ ಬೇಡಿಕೆಗಳನ್ನು ಈಡೇರಿಸುವಂತೆ ಆಗ್ರಹಿಸಿ ಸಿಐಟಿಯು ಮತ್ತು ಜೆಸಿಟಿಯು ಸೇರಿದಂತೆ 10 ಕಾರ್ಮಿಕ ಸಂಘಟನೆಗಳ ನೇತೃತ್ವದಲ್ಲಿ ನೂರಾರು ಕಾರ್ಮಿಕರು ಮುಷ್ಕರ ನಡೆಸಿದರು. ಸರ್ಕಾರದ ರೈತ ವಿರೋಧಿ ಹಾಗೂ ಕಾರ್ಮಿಕ ವಿರೋಧಿ ನೀತಿಗಳನ್ನು ಖಂಡಿಸಿ ನಗರದ ಬಿಜಿಎಸ್ ವೃತ್ತದಲ್ಲಿ ಜಮಾಯಿಸಿದ ವಿವಿಧ ಕಾರ್ಮಿಕ ಸಂಘಟನೆಗಳ ನೇತೃತ್ವದ ಪ್ರತಿಭಟನಾಕಾರರು ಮೆರವಣಿಗೆ ನಡೆಸಿದರು.

ಬಿಜಿಎಸ್ ವೃತ್ತದಿಂದ ಬಿ.ಹೆಚ್. ರಸ್ತೆ ಎಂ.ಜಿ. ರಸ್ತೆ ಮೂಲಕ ಜಿಲ್ಲಾಧಿಕಾರಿಗಳ ಕಚೇರಿವರೆಗೆ ಪ್ರತಿಭಟನಾ ಮೆರವಣಿಗೆಯಲ್ಲಿ ಸಾಗಿದ ರೈತರು ಹಾಗೂ ಕಾರ್ಮಿಕರು ಜಿಲ್ಲಾಧಿಕಾರಿ ಕಚೇರಿಯ ಅಧಿಕಾರಿಗಳಿಗೆ ಮನವಿ ಪತ್ರ ಸಲ್ಲಿಸಿದರು. ನಂತರ ಅಂಗನವಾಡಿ ನೌಕರರ ಸಂಘದ ಮುಖಂಡರು ಪ್ರತಿಭಟನಾ ಮೆರವಣಿಗೆಯಲ್ಲಿ ಮಾತನಾಡಿ, ಕೇಂದ್ರ ಸರ್ಕಾರ ಕಾರ್ಮಿಕ ಹಾಗೂ ರೈತ ವಿರೋಧಿ ನೀತಿ ಜಾರಿಗೆ ತರುತ್ತಿದೆ. ಈ ಸಂದರ್ಭದಲ್ಲಿ ಪ್ರತಿಭಟನಾಕಾರರು ಉದ್ದೇಶಿಸಿ ಮಾತನಾಡಿದ ಸಿಐಟಿಯು ಜಿಲ್ಲಾ ಕಾರ್ಯದರ್ಶಿ ಸೈಯದ್ ಮುಜೀಬ್, ಜೆಸಿಟಿಯು ಮುಖಂಡ ಕಾರ್ಮಿಕ ಸಂಘಟನೆಯ ಮುಖಂಡರು ಸಿಐಟಿಯು ಹಾಗೂ ಜೆಸಿಟಿಯು ಸರ್ಕಾರದ ಕಾರ್ಮಿಕ ವಿರೋಧಿ ನಿಲುವನ್ನು ಖಂಡಿಸಿದರು.

ಶೇ. 50 ರಷ್ಟಿದೆ. ಆದರೂ ಇತರ ಬಗ್ಗೆ ಯಾವ ಸರ್ಕಾರ ಕ್ರಮ ತೆಗೆದುಕೊಂಡಿಲ್ಲ. ಕಾರ್ಮಿಕರ ವೇತನ ಏರಿಕೆ ಮಾಡುತ್ತಿಲ್ಲ. ಬಂಡವಾಳಶಾಹಿಗಳಿಗೆ ಅನುಕೂಲ ಮಾಡಿಕೊಡುತ್ತಿದೆ ಎಂದು ಆರೋಪಿಸಿದರು. ಮಾಲಿಕ ಬಂಡವಾಳಗಾರರನ್ನು ರಕ್ಷಿಸಲು ಕಾರ್ಮಿಕರ ಹಕ್ಕುಗಳನ್ನು ಮೊಟಕುಗೊಳಿಸಲಾಗುತ್ತಿದೆ ಎಂದು ಕಿಡಿಕಾರಿದರು.

ರಾಜ್ಯದಲ್ಲಿ ಸರ್ಕಾರವೇ ಹೆಚ್ಚು ನೌಕರರನ್ನು ಹೊರಗುತ್ತಿಗೆ ಆಧಾರದಲ್ಲಿ ನೇಮಕ ಮಾಡಿಕೊಳ್ಳುತ್ತಿದೆ. ಸರ್ಕಾರಿ ಇಲಾಖೆಗಳಲ್ಲಿ ಖಾಲಿ ಇರುವ ಹುದ್ದೆಗಳನ್ನು ಭರ್ತಿ ಮಾಡಬೇಕು. ಇಎಸ್‌ಐ, ಪಿಎಫ್ ಸೌಲಭ್ಯಗಳನ್ನು ಎಲ್ಲಾ ಕಾರ್ಮಿಕರಿಗೆ ವಿಸ್ತರಿಸಬೇಕು. ದಿನದ ಕೆಲಸದ ಅವಧಿ 8 ಗಂಟೆಗೆ ನಿಗದಿಪಡಿಸಬೇಕು ಎಂದು ಒತ್ತಾಯಿಸಿದರು. 1947ರಲ್ಲಿ ಜಾರಿಗೆ ಬಂದ ಕಾರ್ಮಿಕ ಕಾನೂನುಗಳನ್ನು ಜಾರಿ ಮಾಡುವ ಬದಲು ಬಂಡವಾಳಗಾರರ ಪರವಾಗಿ ತಿದ್ದುಪಡಿ ತರಲಾಗಿದೆ. ಸರ್ಕಾರ ರೈತರ ಬೆಳೆಗಳಿಗೆ ವೈಜ್ಞಾನಿಕ ಬೆಂಬಲ ಬೆಲೆ ನೀಡಬೇಕು. ಸರ್ಕಾರ ಭೂಸ್ವಾಧೀನ ಕಾಯ್ದೆ-2013ರ ಅನ್ವಯ ಭೂಮಿ ಪರಿಹಾರ ನೀಡಬೇಕು.

ಪಡಿಸಿಕೊಳ್ಳುವುದನ್ನು ಬಿಟ್ಟು ಕೆ.ಐ.ಎ.ಡಿ.ಬಿ ಕಾಯ್ದೆ ಅಡಿಯಲ್ಲಿ ಭೂಮಿ ವಶಪಡಿಸಿಕೊಳ್ಳುವ ಮೂಲಕ ರೈತರನ್ನು ಒಕ್ಕಲೆಬ್ಬಿಸಲಾಗುತ್ತಿದೆ ಎಂದು ಪ್ರತಿಭಟನಾಕಾರರು ಆಕ್ರೋಶ ವ್ಯಕ್ತಪಡಿಸಿದರು. ಎಐಯುಟಿಯುಸಿ ಅಧ್ಯಕ್ಷರು ಮಂಜುಳಾ ಸರ್ಕಾರದ ಮಾತನಾಡಿ, ಕೈಗಾರಿಕೆಗಳಲ್ಲಿ ಕೆಲಸ ಮಾಡುತ್ತಿರುವ ಮಹಿಳಾ ಕಾರ್ಮಿಕರಿಗೆ ಸುರಕ್ಷತೆ ಇಲ್ಲ. ರಾತ್ರಿ ಪಾಳಿ ಕೆಲಸಕ್ಕೆ ಮಹಿಳೆಯರನ್ನು ನೇಮಿಸಿಕೊಳ್ಳಲಾಗುತ್ತಿದೆ ಎಂದು ಕಿಡಿಕಾರಿದರು. ಸೈಯದ್ ಮುಜೀಬ್, ಜಿಲ್ಲಾ ಕಾರ್ಯದರ್ಶಿ ಕಂಬೇಗೌಡ, ರೈತ ಸಂಘದ ಗೋವಿಂದರಾಜು ಮತ್ತಿತರರಿದ್ದರು.
